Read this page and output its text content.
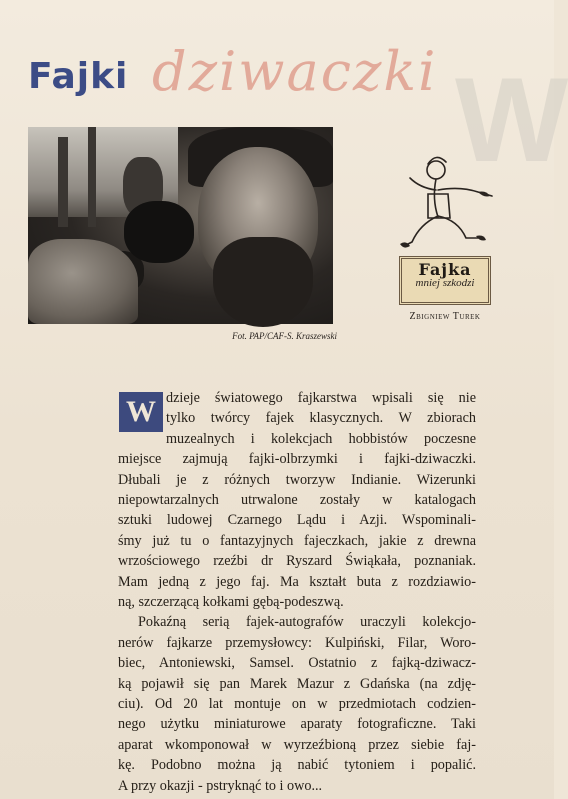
W
Fajki dziwaczki
Fot. PAP/CAF-S. Kraszewski
Fajka
mniej szkodzi
Zbigniew Turek
W dzieje światowego fajkarstwa wpisali się nie
tylko twórcy fajek klasycznych. W zbiorach
muzealnych i kolekcjach hobbistów poczesne
miejsce zajmują fajki-olbrzymki i fajki-dziwaczki.
Dłubali je z różnych tworzyw Indianie. Wizerunki
niepowtarzalnych utrwalone zostały w katalogach
sztuki ludowej Czarnego Lądu i Azji. Wspominali-
śmy już tu o fantazyjnych fajeczkach, jakie z drewna
wrzościowego rzeźbi dr Ryszard Świąkała, poznaniak.
Mam jedną z jego faj. Ma kształt buta z rozdziawio-
ną, szczerzącą kołkami gębą-podeszwą.
Pokaźną serią fajek-autografów uraczyli kolekcjo-
nerów fajkarze przemysłowcy: Kulpiński, Filar, Woro-
biec, Antoniewski, Samsel. Ostatnio z fajką-dziwacz-
ką pojawił się pan Marek Mazur z Gdańska (na zdję-
ciu). Od 20 lat montuje on w przedmiotach codzien-
nego użytku miniaturowe aparaty fotograficzne. Taki
aparat wkomponował w wyrzeźbioną przez siebie faj-
kę. Podobno można ją nabić tytoniem i popalić.
A przy okazji - pstryknąć to i owo...
